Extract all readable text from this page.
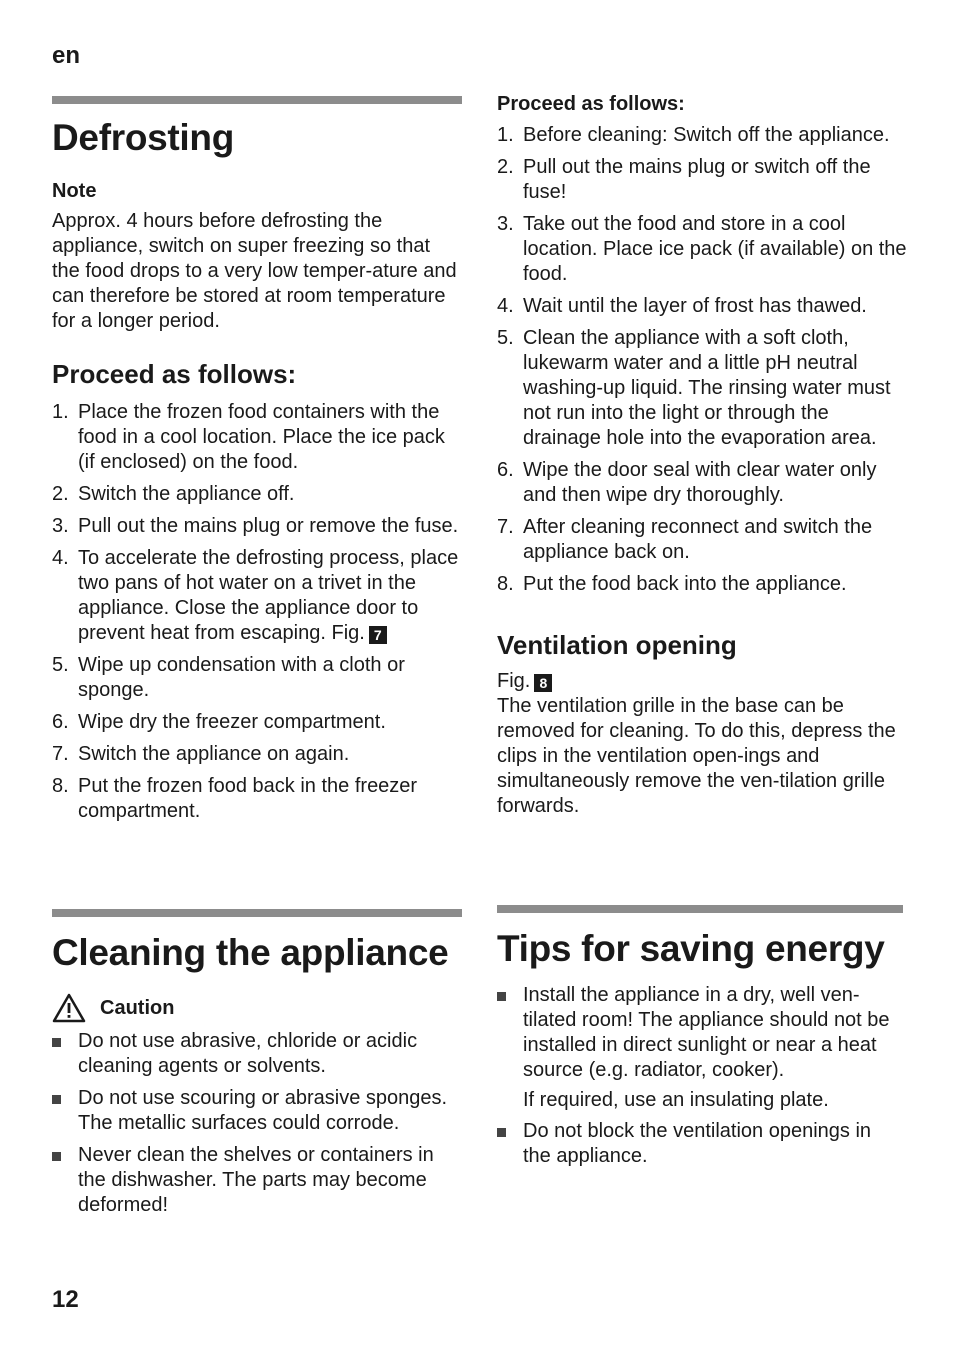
en
Defrosting
Note

Approx. 4 hours before defrosting the appliance, switch on super freezing so that the food drops to a very low temper-ature and can therefore be stored at room temperature for a longer period.

Proceed as follows:
1. Place the frozen food containers with the food in a cool location. Place the ice pack (if enclosed) on the food.
2. Switch the appliance off.
3. Pull out the mains plug or remove the fuse.
4. To accelerate the defrosting process, place two pans of hot water on a trivet in the appliance. Close the appliance door to prevent heat from escaping. Fig. 7
5. Wipe up condensation with a cloth or sponge.
6. Wipe dry the freezer compartment.
7. Switch the appliance on again.
8. Put the frozen food back in the freezer compartment.
Cleaning the appliance
Caution
Do not use abrasive, chloride or acidic cleaning agents or solvents.
Do not use scouring or abrasive sponges. The metallic surfaces could corrode.
Never clean the shelves or containers in the dishwasher. The parts may become deformed!
Proceed as follows:
1. Before cleaning: Switch off the appliance.
2. Pull out the mains plug or switch off the fuse!
3. Take out the food and store in a cool location. Place ice pack (if available) on the food.
4. Wait until the layer of frost has thawed.
5. Clean the appliance with a soft cloth, lukewarm water and a little pH neutral washing-up liquid. The rinsing water must not run into the light or through the drainage hole into the evaporation area.
6. Wipe the door seal with clear water only and then wipe dry thoroughly.
7. After cleaning reconnect and switch the appliance back on.
8. Put the food back into the appliance.
Ventilation opening

Fig. 8

The ventilation grille in the base can be removed for cleaning. To do this, depress the clips in the ventilation open-ings and simultaneously remove the ven-tilation grille forwards.

Tips for saving energy
Install the appliance in a dry, well ven-tilated room! The appliance should not be installed in direct sunlight or near a heat source (e.g. radiator, cooker).
If required, use an insulating plate.
Do not block the ventilation openings in the appliance.
12
